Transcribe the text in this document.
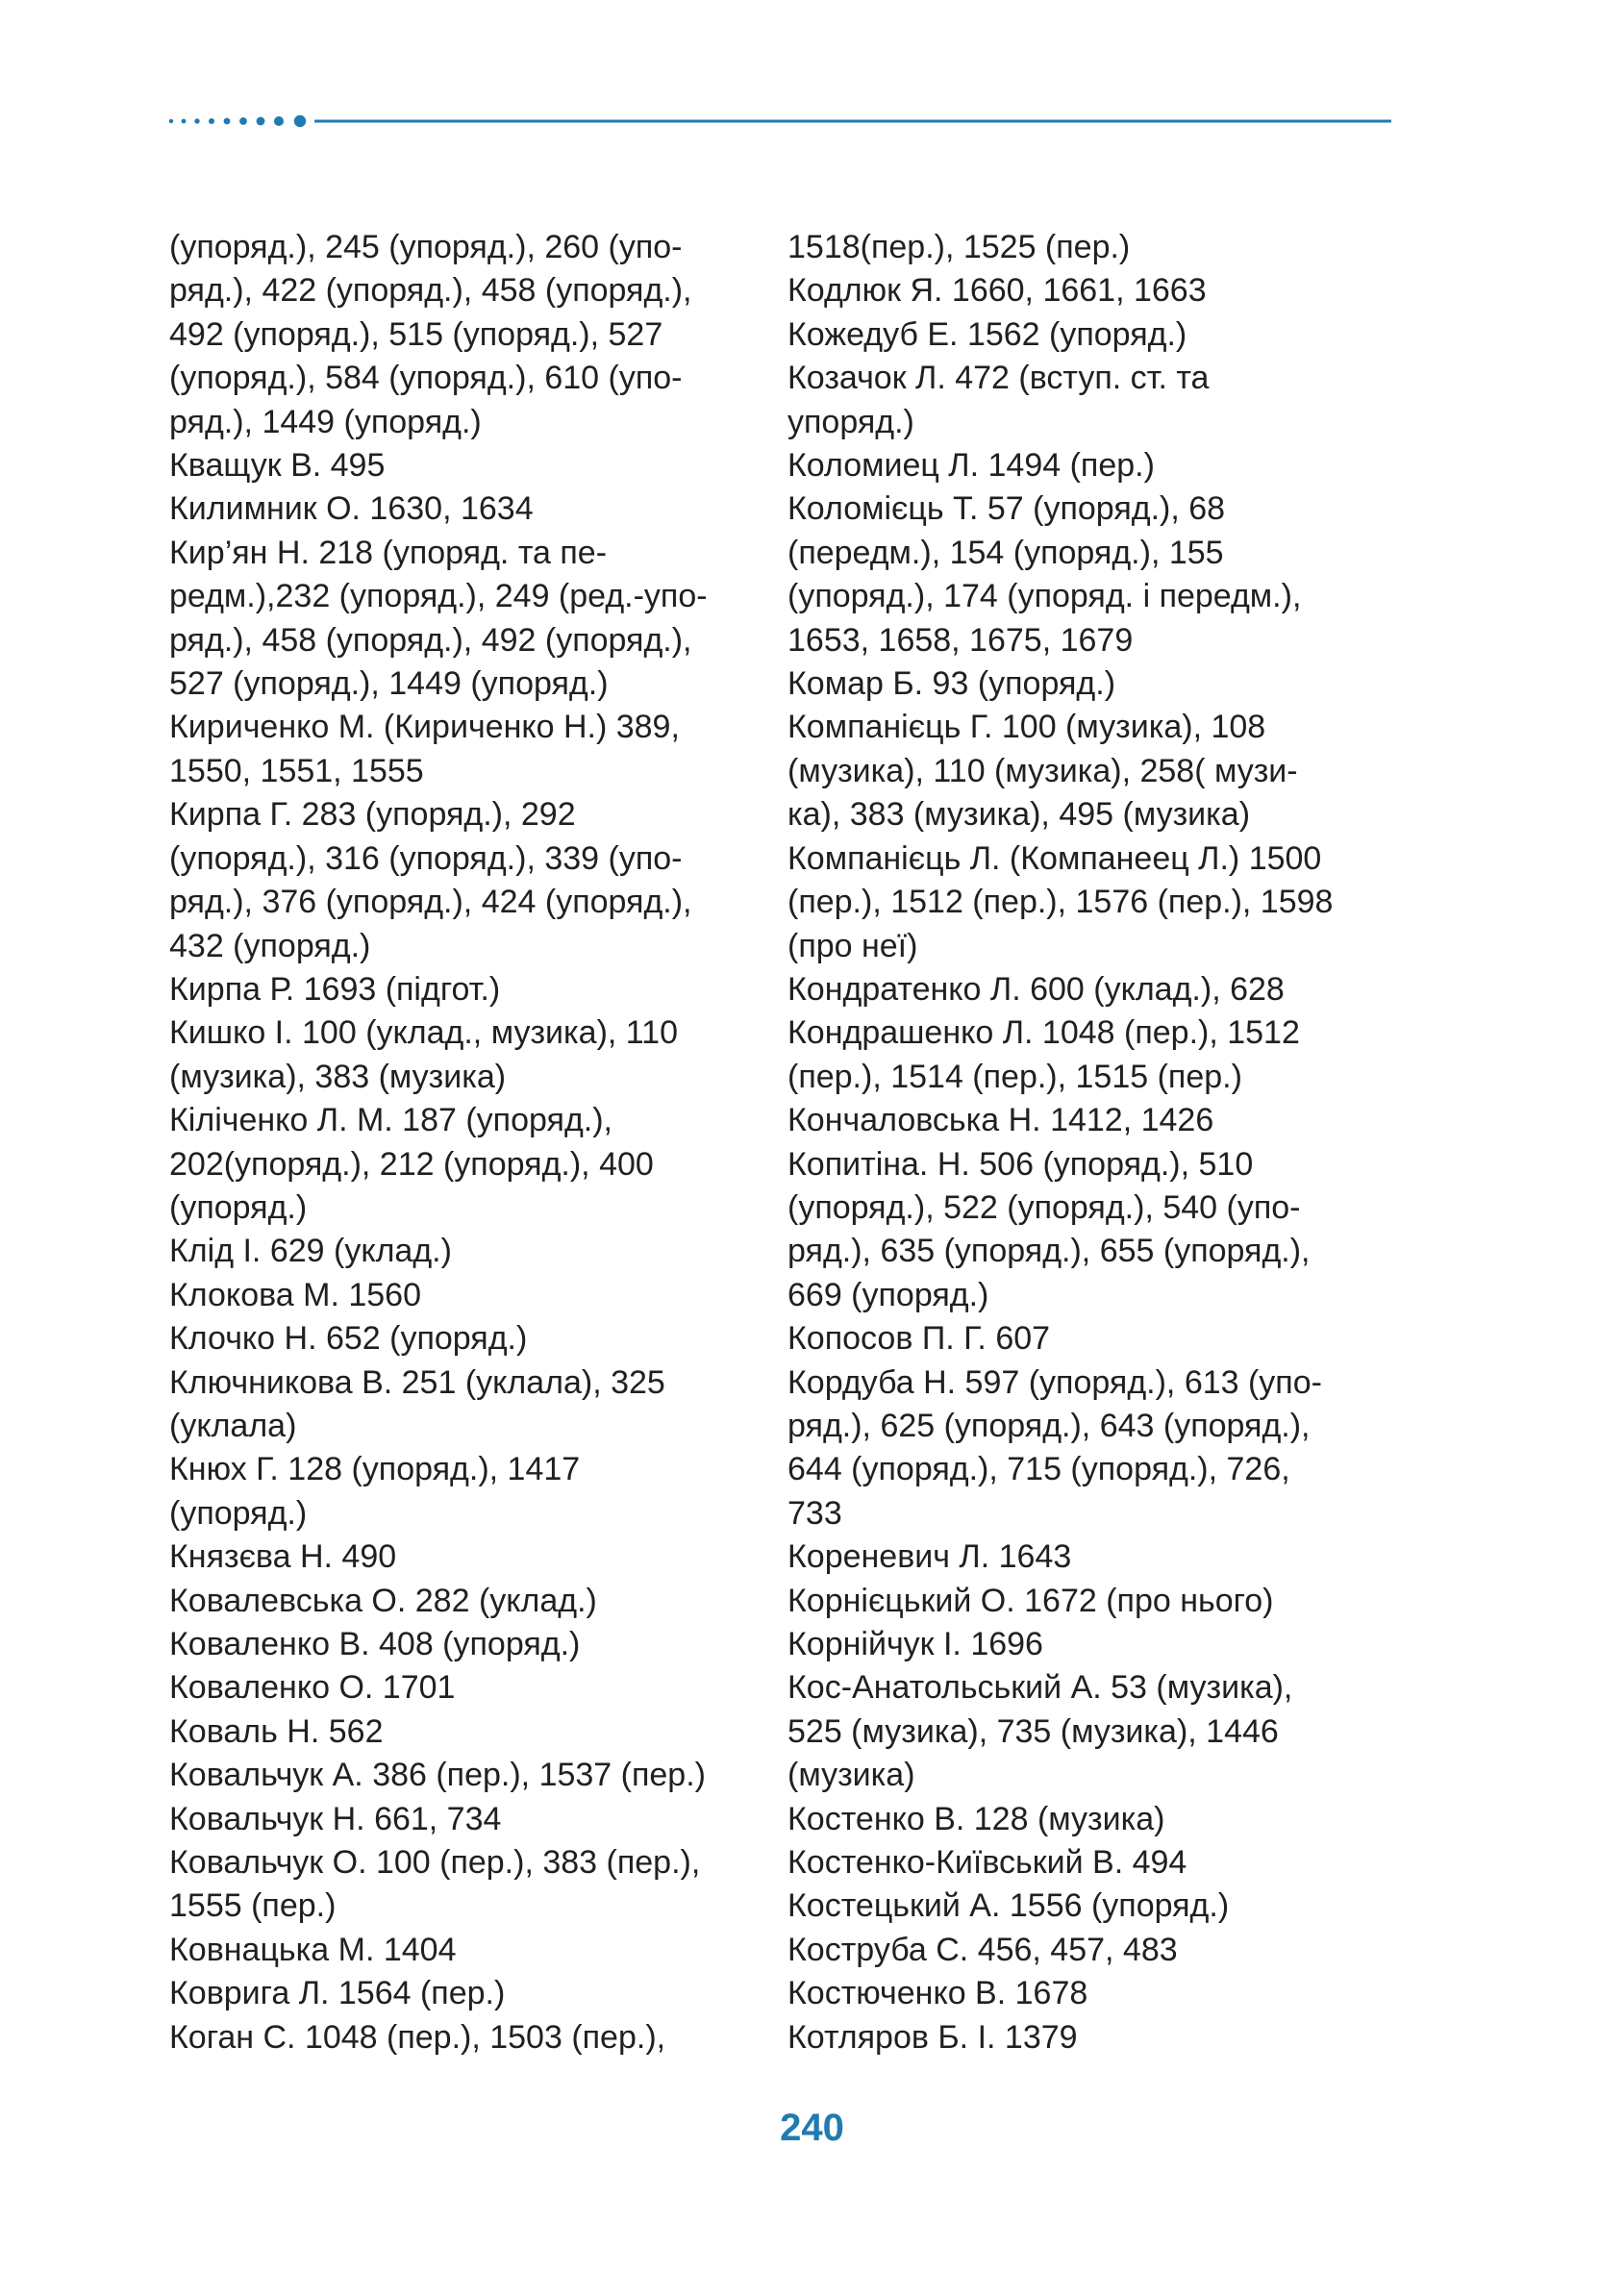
(упоряд.), 245 (упоряд.), 260 (упо-
ряд.), 422 (упоряд.), 458 (упоряд.),
492 (упоряд.), 515 (упоряд.), 527
(упоряд.), 584 (упоряд.), 610 (упо-
ряд.), 1449 (упоряд.)
Кващук В. 495
Килимник О. 1630, 1634
Кир’ян Н. 218 (упоряд. та пе-
редм.),232 (упоряд.), 249 (ред.-упо-
ряд.), 458 (упоряд.), 492 (упоряд.),
527 (упоряд.), 1449 (упоряд.)
Кириченко М. (Кириченко Н.) 389,
1550, 1551, 1555
Кирпа Г. 283 (упоряд.), 292
(упоряд.), 316 (упоряд.), 339 (упо-
ряд.), 376 (упоряд.), 424 (упоряд.),
432 (упоряд.)
Кирпа Р. 1693 (підгот.)
Кишко І. 100 (уклад., музика), 110
(музика), 383 (музика)
Кіліченко Л. М. 187 (упоряд.),
202(упоряд.), 212 (упоряд.), 400
(упоряд.)
Клід І. 629 (уклад.)
Клокова М. 1560
Клочко Н. 652 (упоряд.)
Ключникова В. 251 (уклала), 325
(уклала)
Кнюх Г. 128 (упоряд.), 1417
(упоряд.)
Князєва Н. 490
Ковалевська О. 282 (уклад.)
Коваленко В. 408 (упоряд.)
Коваленко О. 1701
Коваль Н. 562
Ковальчук А. 386 (пер.), 1537 (пер.)
Ковальчук Н. 661, 734
Ковальчук О. 100 (пер.), 383 (пер.),
1555 (пер.)
Ковнацька М. 1404
Коврига Л. 1564 (пер.)
Коган С. 1048 (пер.), 1503 (пер.),
1518(пер.), 1525 (пер.)
Кодлюк Я. 1660, 1661, 1663
Кожедуб Е. 1562 (упоряд.)
Козачок Л. 472 (вступ. ст. та
упоряд.)
Коломиец Л. 1494 (пер.)
Коломієць Т. 57 (упоряд.), 68
(передм.), 154 (упоряд.), 155
(упоряд.), 174 (упоряд. і передм.),
1653, 1658, 1675, 1679
Комар Б. 93 (упоряд.)
Компанієць Г. 100 (музика), 108
(музика), 110 (музика), 258( музи-
ка), 383 (музика), 495 (музика)
Компанієць Л. (Компанеец Л.) 1500
(пер.), 1512 (пер.), 1576 (пер.), 1598
(про неї)
Кондратенко Л. 600 (уклад.), 628
Кондрашенко Л. 1048 (пер.), 1512
(пер.), 1514 (пер.), 1515 (пер.)
Кончаловська Н. 1412, 1426
Копитіна. Н. 506 (упоряд.), 510
(упоряд.), 522 (упоряд.), 540 (упо-
ряд.), 635 (упоряд.), 655 (упоряд.),
669 (упоряд.)
Копосов П. Г. 607
Кордуба Н. 597 (упоряд.), 613 (упо-
ряд.), 625 (упоряд.), 643 (упоряд.),
644 (упоряд.), 715 (упоряд.), 726,
733
Кореневич Л. 1643
Корнієцький О. 1672 (про нього)
Корнійчук І. 1696
Кос-Анатольський А. 53 (музика),
525 (музика), 735 (музика), 1446
(музика)
Костенко В. 128 (музика)
Костенко-Київський В. 494
Костецький А. 1556 (упоряд.)
Коструба С. 456, 457, 483
Костюченко В. 1678
Котляров Б. І. 1379
240
